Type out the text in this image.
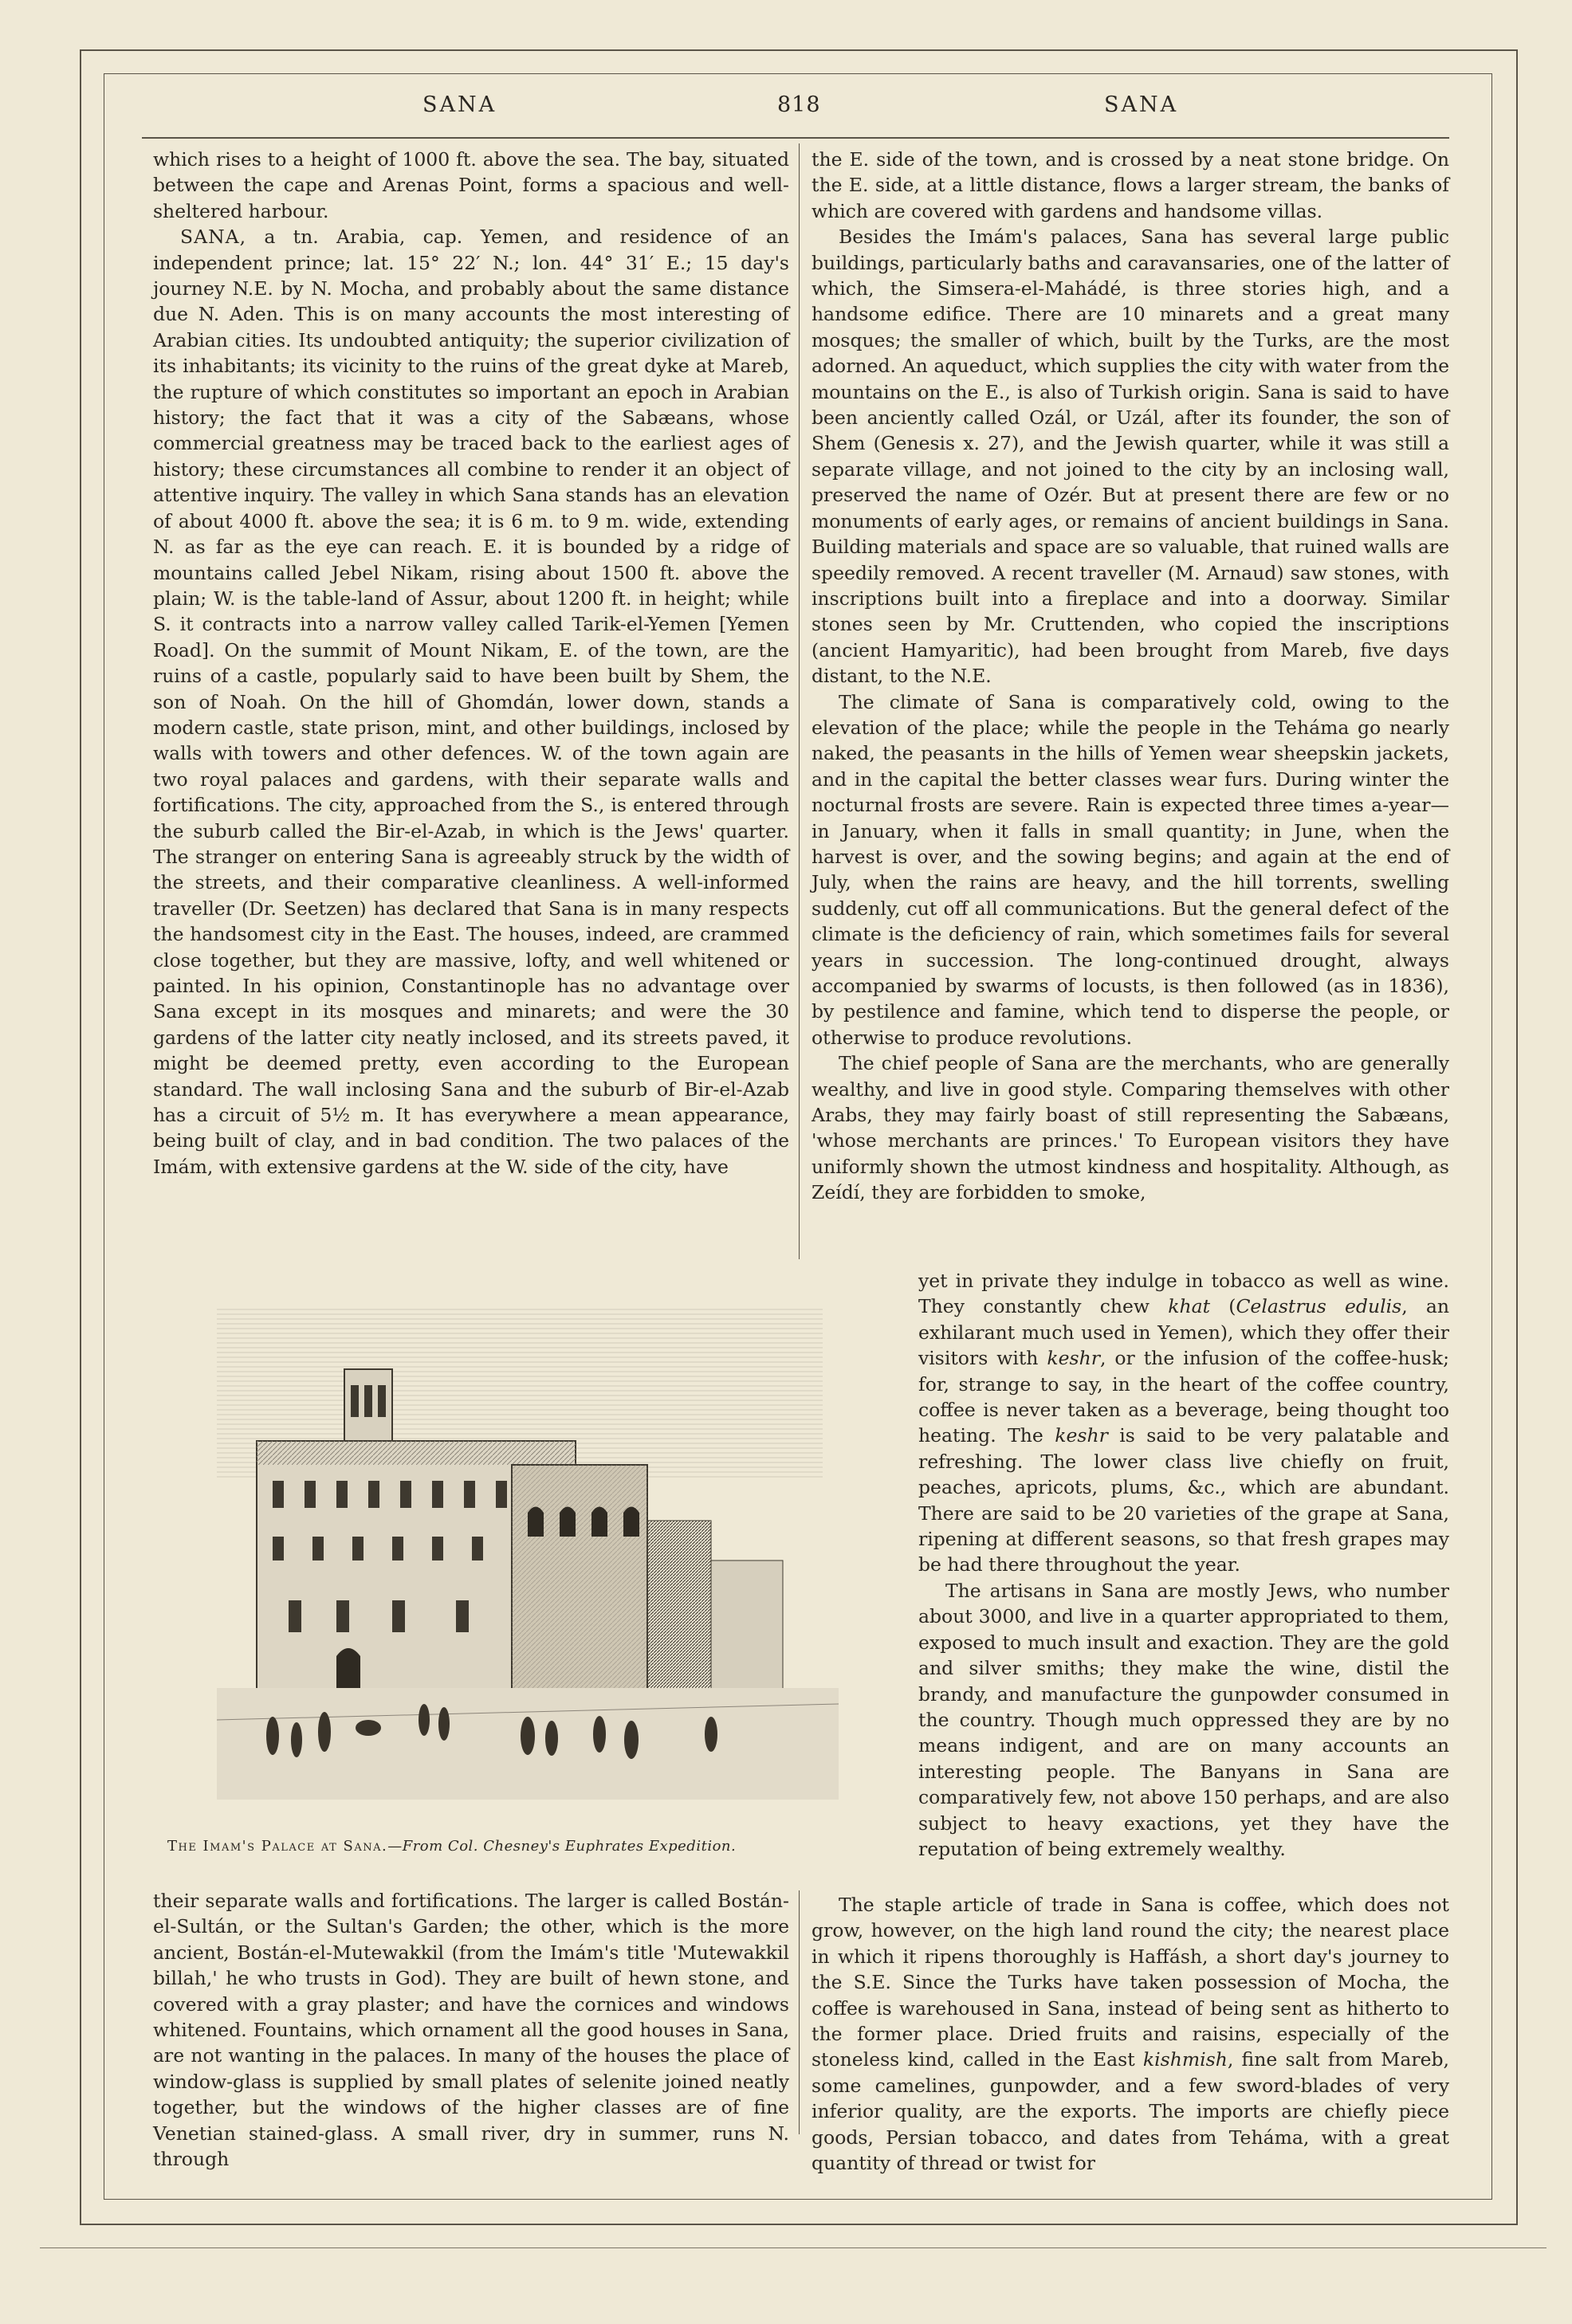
SANA	818	SANA

which rises to a height of 1000 ft. above the sea. The bay, situated between the cape and Arenas Point, forms a spacious and well-sheltered harbour.

SANA, a tn. Arabia, cap. Yemen, and residence of an independent prince; lat. 15° 22′ N.; lon. 44° 31′ E.; 15 day's journey N.E. by N. Mocha, and probably about the same distance due N. Aden. This is on many accounts the most interesting of Arabian cities. Its undoubted antiquity; the superior civilization of its inhabitants; its vicinity to the ruins of the great dyke at Mareb, the rupture of which constitutes so important an epoch in Arabian history; the fact that it was a city of the Sabæans, whose commercial greatness may be traced back to the earliest ages of history; these circumstances all combine to render it an object of attentive inquiry. The valley in which Sana stands has an elevation of about 4000 ft. above the sea; it is 6 m. to 9 m. wide, extending N. as far as the eye can reach. E. it is bounded by a ridge of mountains called Jebel Nikam, rising about 1500 ft. above the plain; W. is the table-land of Assur, about 1200 ft. in height; while S. it contracts into a narrow valley called Tarik-el-Yemen [Yemen Road]. On the summit of Mount Nikam, E. of the town, are the ruins of a castle, popularly said to have been built by Shem, the son of Noah. On the hill of Ghomdán, lower down, stands a modern castle, state prison, mint, and other buildings, inclosed by walls with towers and other defences. W. of the town again are two royal palaces and gardens, with their separate walls and fortifications. The city, approached from the S., is entered through the suburb called the Bir-el-Azab, in which is the Jews' quarter. The stranger on entering Sana is agreeably struck by the width of the streets, and their comparative cleanliness. A well-informed traveller (Dr. Seetzen) has declared that Sana is in many respects the handsomest city in the East. The houses, indeed, are crammed close together, but they are massive, lofty, and well whitened or painted. In his opinion, Constantinople has no advantage over Sana except in its mosques and minarets; and were the 30 gardens of the latter city neatly inclosed, and its streets paved, it might be deemed pretty, even according to the European standard. The wall inclosing Sana and the suburb of Bir-el-Azab has a circuit of 5½ m. It has everywhere a mean appearance, being built of clay, and in bad condition. The two palaces of the Imám, with extensive gardens at the W. side of the city, have

the E. side of the town, and is crossed by a neat stone bridge. On the E. side, at a little distance, flows a larger stream, the banks of which are covered with gardens and handsome villas.

Besides the Imám's palaces, Sana has several large public buildings, particularly baths and caravansaries, one of the latter of which, the Simsera-el-Mahádé, is three stories high, and a handsome edifice. There are 10 minarets and a great many mosques; the smaller of which, built by the Turks, are the most adorned. An aqueduct, which supplies the city with water from the mountains on the E., is also of Turkish origin. Sana is said to have been anciently called Ozál, or Uzál, after its founder, the son of Shem (Genesis x. 27), and the Jewish quarter, while it was still a separate village, and not joined to the city by an inclosing wall, preserved the name of Ozér. But at present there are few or no monuments of early ages, or remains of ancient buildings in Sana. Building materials and space are so valuable, that ruined walls are speedily removed. A recent traveller (M. Arnaud) saw stones, with inscriptions built into a fireplace and into a doorway. Similar stones seen by Mr. Cruttenden, who copied the inscriptions (ancient Hamyaritic), had been brought from Mareb, five days distant, to the N.E.

The climate of Sana is comparatively cold, owing to the elevation of the place; while the people in the Teháma go nearly naked, the peasants in the hills of Yemen wear sheepskin jackets, and in the capital the better classes wear furs. During winter the nocturnal frosts are severe. Rain is expected three times a-year—in January, when it falls in small quantity; in June, when the harvest is over, and the sowing begins; and again at the end of July, when the rains are heavy, and the hill torrents, swelling suddenly, cut off all communications. But the general defect of the climate is the deficiency of rain, which sometimes fails for several years in succession. The long-continued drought, always accompanied by swarms of locusts, is then followed (as in 1836), by pestilence and famine, which tend to disperse the people, or otherwise to produce revolutions.

The chief people of Sana are the merchants, who are generally wealthy, and live in good style. Comparing themselves with other Arabs, they may fairly boast of still representing the Sabæans, 'whose merchants are princes.' To European visitors they have uniformly shown the utmost kindness and hospitality. Although, as Zeídí, they are forbidden to smoke,

yet in private they indulge in tobacco as well as wine. They constantly chew khat (Celastrus edulis, an exhilarant much used in Yemen), which they offer their visitors with keshr, or the infusion of the coffee-husk; for, strange to say, in the heart of the coffee country, coffee is never taken as a beverage, being thought too heating. The keshr is said to be very palatable and refreshing. The lower class live chiefly on fruit, peaches, apricots, plums, &c., which are abundant. There are said to be 20 varieties of the grape at Sana, ripening at different seasons, so that fresh grapes may be had there throughout the year.

The artisans in Sana are mostly Jews, who number about 3000, and live in a quarter appropriated to them, exposed to much insult and exaction. They are the gold and silver smiths; they make the wine, distil the brandy, and manufacture the gunpowder consumed in the country. Though much oppressed they are by no means indigent, and are on many accounts an interesting people. The Banyans in Sana are comparatively few, not above 150 perhaps, and are also subject to heavy exactions, yet they have the reputation of being extremely wealthy.

The Imam's Palace at Sana.—From Col. Chesney's Euphrates Expedition.

their separate walls and fortifications. The larger is called Bostán-el-Sultán, or the Sultan's Garden; the other, which is the more ancient, Bostán-el-Mutewakkil (from the Imám's title 'Mutewakkil billah,' he who trusts in God). They are built of hewn stone, and covered with a gray plaster; and have the cornices and windows whitened. Fountains, which ornament all the good houses in Sana, are not wanting in the palaces. In many of the houses the place of window-glass is supplied by small plates of selenite joined neatly together, but the windows of the higher classes are of fine Venetian stained-glass. A small river, dry in summer, runs N. through

The staple article of trade in Sana is coffee, which does not grow, however, on the high land round the city; the nearest place in which it ripens thoroughly is Haffásh, a short day's journey to the S.E. Since the Turks have taken possession of Mocha, the coffee is warehoused in Sana, instead of being sent as hitherto to the former place. Dried fruits and raisins, especially of the stoneless kind, called in the East kishmish, fine salt from Mareb, some camelines, gunpowder, and a few sword-blades of very inferior quality, are the exports. The imports are chiefly piece goods, Persian tobacco, and dates from Teháma, with a great quantity of thread or twist for
